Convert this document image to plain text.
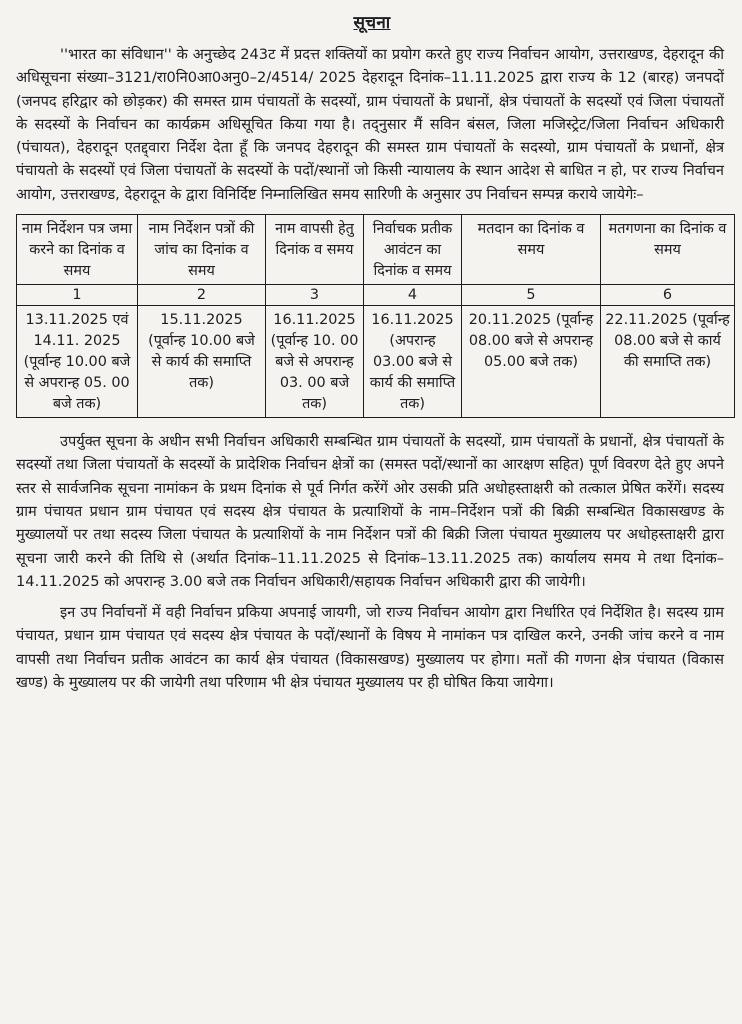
सूचना

''भारत का संविधान'' के अनुच्छेद 243ट में प्रदत्त शक्तियों का प्रयोग करते हुए राज्य निर्वाचन आयोग, उत्तराखण्ड, देहरादून की अधिसूचना संख्या–3121/रा0नि0आ0अनु0–2/4514/ 2025 देहरादून दिनांक–11.11.2025 द्वारा राज्य के 12 (बारह) जनपदों (जनपद हरिद्वार को छोड़कर) की समस्त ग्राम पंचायतों के सदस्यों, ग्राम पंचायतों के प्रधानों, क्षेत्र पंचायतों के सदस्यों एवं जिला पंचायतों के सदस्यों के निर्वाचन का कार्यक्रम अधिसूचित किया गया है। तद्नुसार मैं सविन बंसल, जिला मजिस्ट्रेट/जिला निर्वाचन अधिकारी (पंचायत), देहरादून एतद्द्वारा निर्देश देता हूँ कि जनपद देहरादून की समस्त ग्राम पंचायतों के सदस्यो, ग्राम पंचायतों के प्रधानों, क्षेत्र पंचायतो के सदस्यों एवं जिला पंचायतों के सदस्यों के पदों/स्थानों जो किसी न्यायालय के स्थान आदेश से बाधित न हो, पर राज्य निर्वाचन आयोग, उत्तराखण्ड, देहरादून के द्वारा विनिर्दिष्ट निम्नालिखित समय सारिणी के अनुसार उप निर्वाचन सम्पन्न कराये जायेगेः–

नाम निर्देशन पत्र जमा करने का दिनांक व समय	नाम निर्देशन पत्रों की जांच का दिनांक व समय	नाम वापसी हेतु दिनांक व समय	निर्वाचक प्रतीक आवंटन का दिनांक व समय	मतदान का दिनांक व समय	मतगणना का दिनांक व समय
1	2	3	4	5	6
13.11.2025 एवं 14.11. 2025 (पूर्वान्ह 10.00 बजे से अपरान्ह 05. 00 बजे तक)	15.11.2025 (पूर्वान्ह 10.00 बजे से कार्य की समाप्ति तक)	16.11.2025 (पूर्वान्ह 10. 00 बजे से अपरान्ह 03. 00 बजे तक)	16.11.2025 (अपरान्ह 03.00 बजे से कार्य की समाप्ति तक)	20.11.2025 (पूर्वान्ह 08.00 बजे से अपरान्ह 05.00 बजे तक)	22.11.2025 (पूर्वान्ह 08.00 बजे से कार्य की समाप्ति तक)

उपर्युक्त सूचना के अधीन सभी निर्वाचन अधिकारी सम्बन्धित ग्राम पंचायतों के सदस्यों, ग्राम पंचायतों के प्रधानों, क्षेत्र पंचायतों के सदस्यों तथा जिला पंचायतों के सदस्यों के प्रादेशिक निर्वाचन क्षेत्रों का (समस्त पदों/स्थानों का आरक्षण सहित) पूर्ण विवरण देते हुए अपने स्तर से सार्वजनिक सूचना नामांकन के प्रथम दिनांक से पूर्व निर्गत करेंगें ओर उसकी प्रति अधोहस्ताक्षरी को तत्काल प्रेषित करेंगें। सदस्य ग्राम पंचायत प्रधान ग्राम पंचायत एवं सदस्य क्षेत्र पंचायत के प्रत्याशियों के नाम–निर्देशन पत्रों की बिक्री सम्बन्धित विकासखण्ड के मुख्यालयों पर तथा सदस्य जिला पंचायत के प्रत्याशियों के नाम निर्देशन पत्रों की बिक्री जिला पंचायत मुख्यालय पर अधोहस्ताक्षरी द्वारा सूचना जारी करने की तिथि से (अर्थात दिनांक–11.11.2025 से दिनांक–13.11.2025 तक) कार्यालय समय मे तथा दिनांक–14.11.2025 को अपरान्ह 3.00 बजे तक निर्वाचन अधिकारी/सहायक निर्वाचन अधिकारी द्वारा की जायेगी।

इन उप निर्वाचनों में वही निर्वाचन प्रकिया अपनाई जायगी, जो राज्य निर्वाचन आयोग द्वारा निर्धारित एवं निर्देशित है। सदस्य ग्राम पंचायत, प्रधान ग्राम पंचायत एवं सदस्य क्षेत्र पंचायत के पदों/स्थानों के विषय मे नामांकन पत्र दाखिल करने, उनकी जांच करने व नाम वापसी तथा निर्वाचन प्रतीक आवंटन का कार्य क्षेत्र पंचायत (विकासखण्ड) मुख्यालय पर होगा। मतों की गणना क्षेत्र पंचायत (विकास खण्ड) के मुख्यालय पर की जायेगी तथा परिणाम भी क्षेत्र पंचायत मुख्यालय पर ही घोषित किया जायेगा।
